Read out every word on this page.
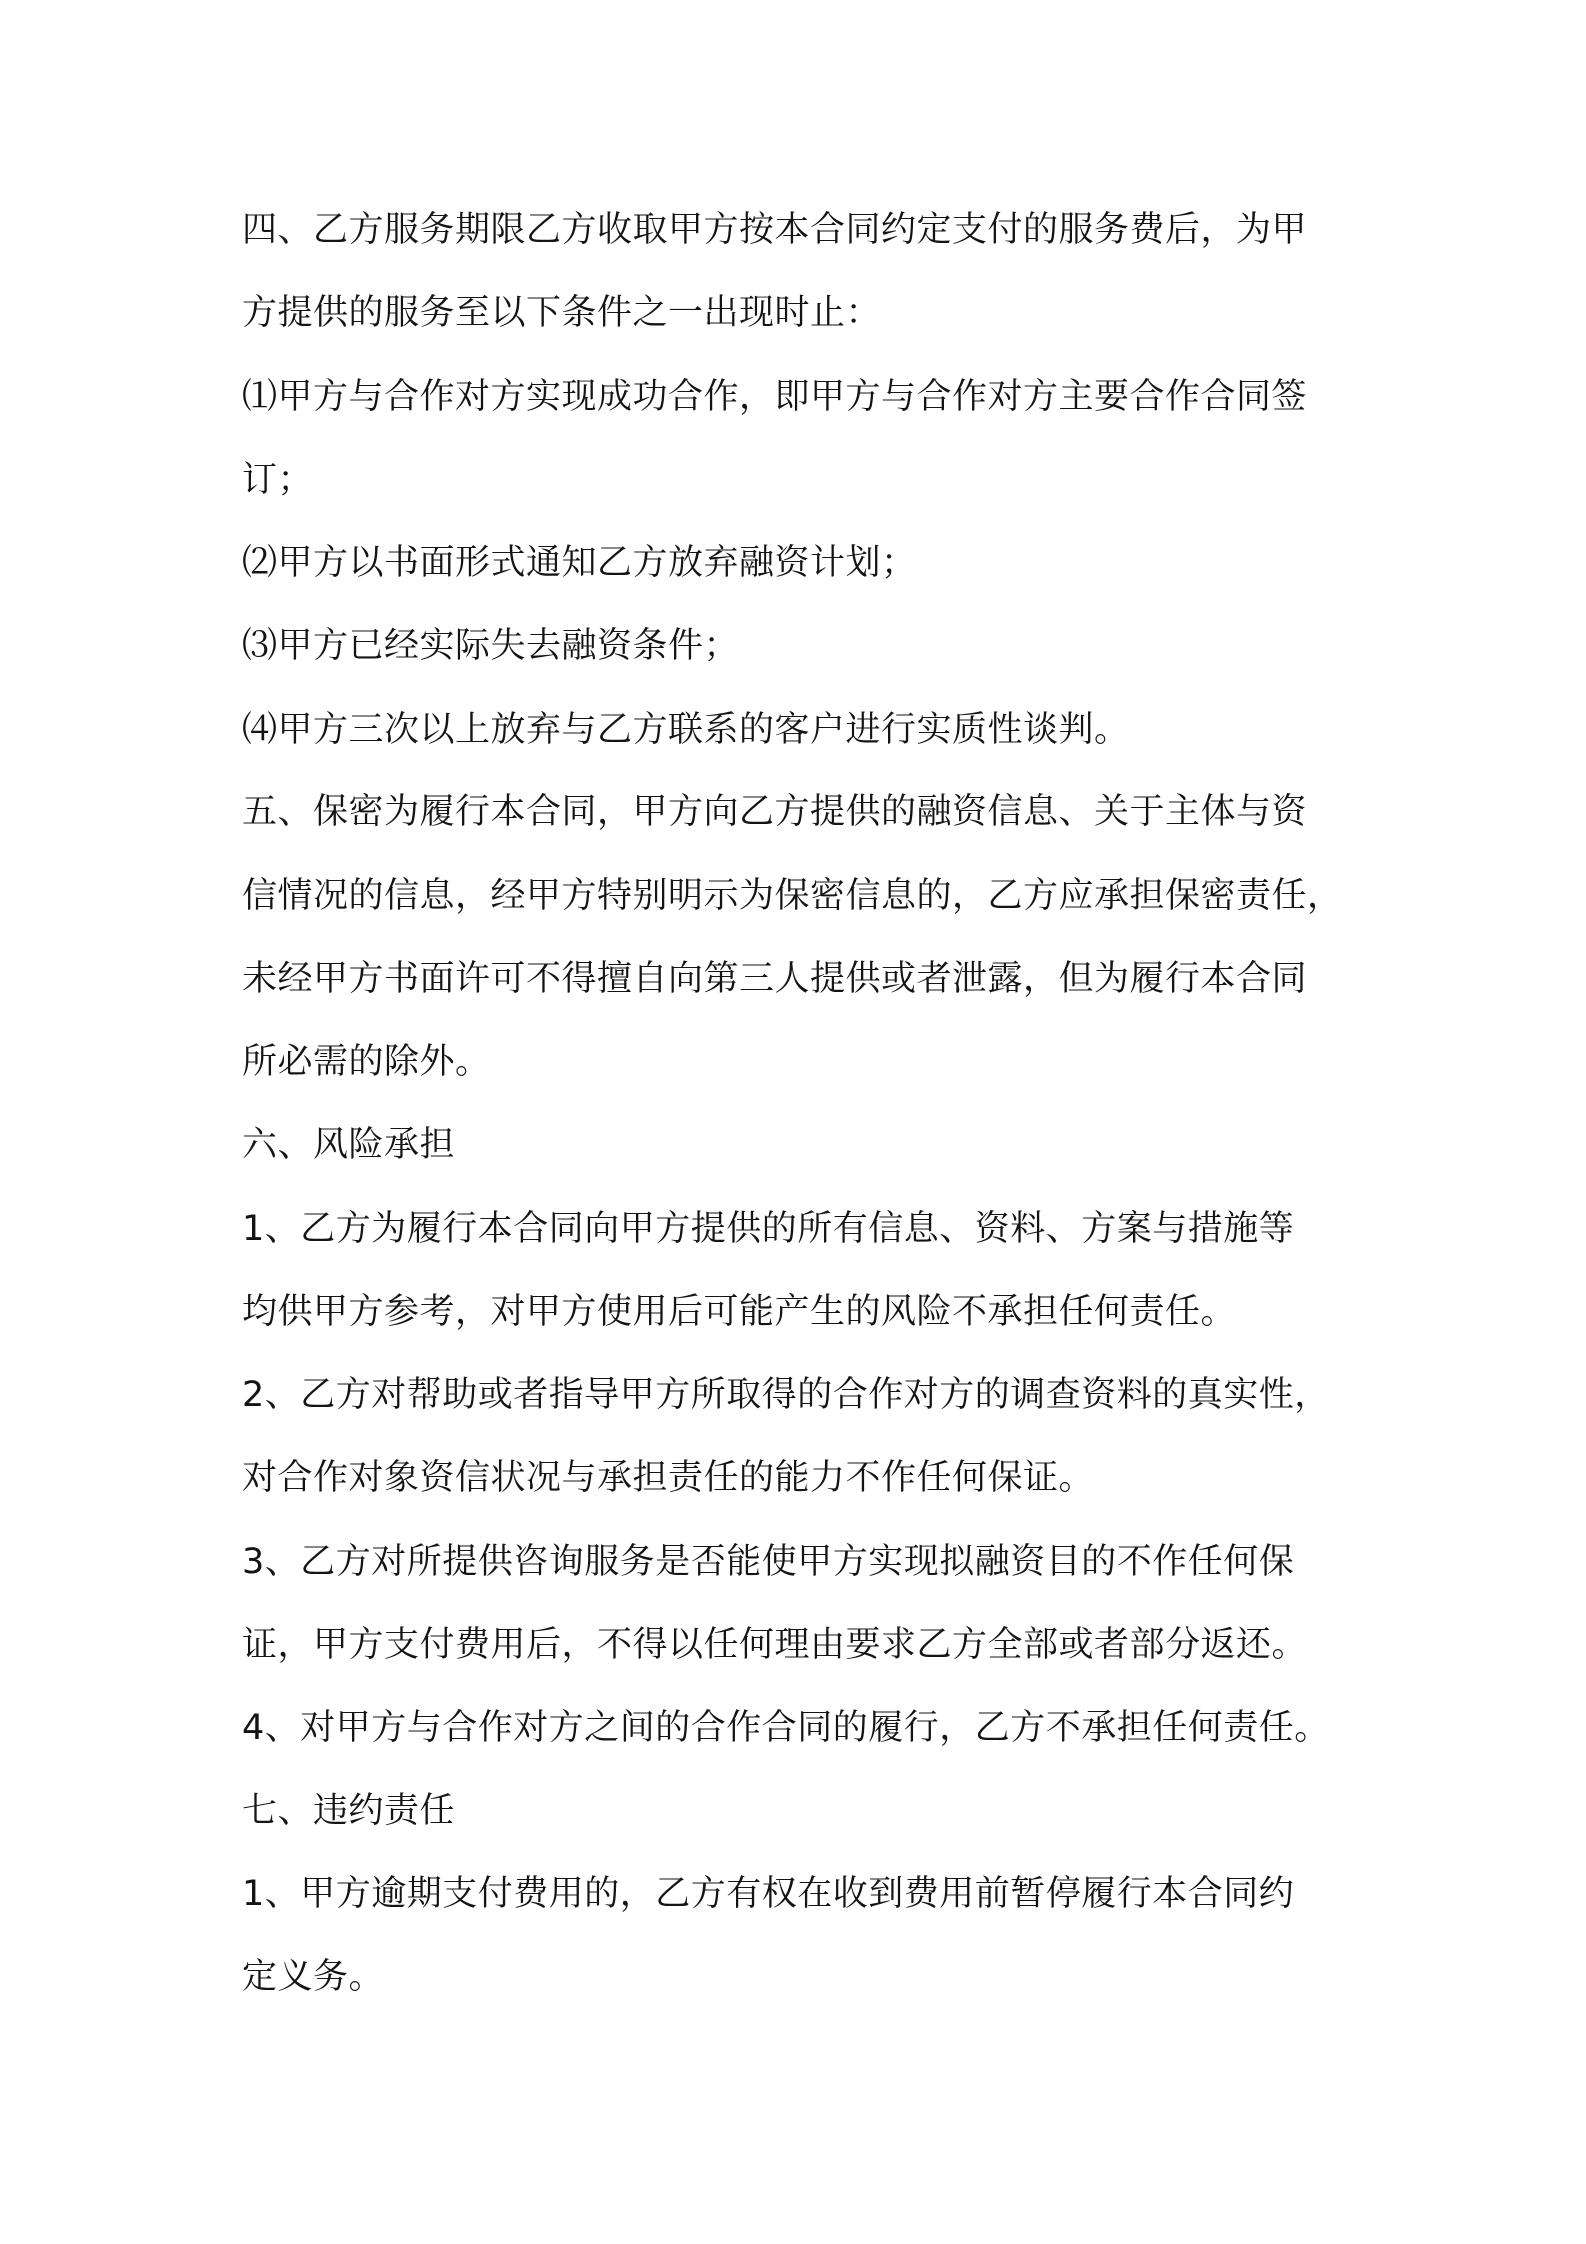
四、乙方服务期限乙方收取甲方按本合同约定支付的服务费后，为甲
方提供的服务至以下条件之一出现时止：
⑴甲方与合作对方实现成功合作，即甲方与合作对方主要合作合同签
订；
⑵甲方以书面形式通知乙方放弃融资计划；
⑶甲方已经实际失去融资条件；
⑷甲方三次以上放弃与乙方联系的客户进行实质性谈判。
五、保密为履行本合同，甲方向乙方提供的融资信息、关于主体与资
信情况的信息，经甲方特别明示为保密信息的，乙方应承担保密责任，
未经甲方书面许可不得擅自向第三人提供或者泄露，但为履行本合同
所必需的除外。
六、风险承担
1、乙方为履行本合同向甲方提供的所有信息、资料、方案与措施等
均供甲方参考，对甲方使用后可能产生的风险不承担任何责任。
2、乙方对帮助或者指导甲方所取得的合作对方的调查资料的真实性，
对合作对象资信状况与承担责任的能力不作任何保证。
3、乙方对所提供咨询服务是否能使甲方实现拟融资目的不作任何保
证，甲方支付费用后，不得以任何理由要求乙方全部或者部分返还。
4、对甲方与合作对方之间的合作合同的履行，乙方不承担任何责任。
七、违约责任
1、甲方逾期支付费用的，乙方有权在收到费用前暂停履行本合同约
定义务。
